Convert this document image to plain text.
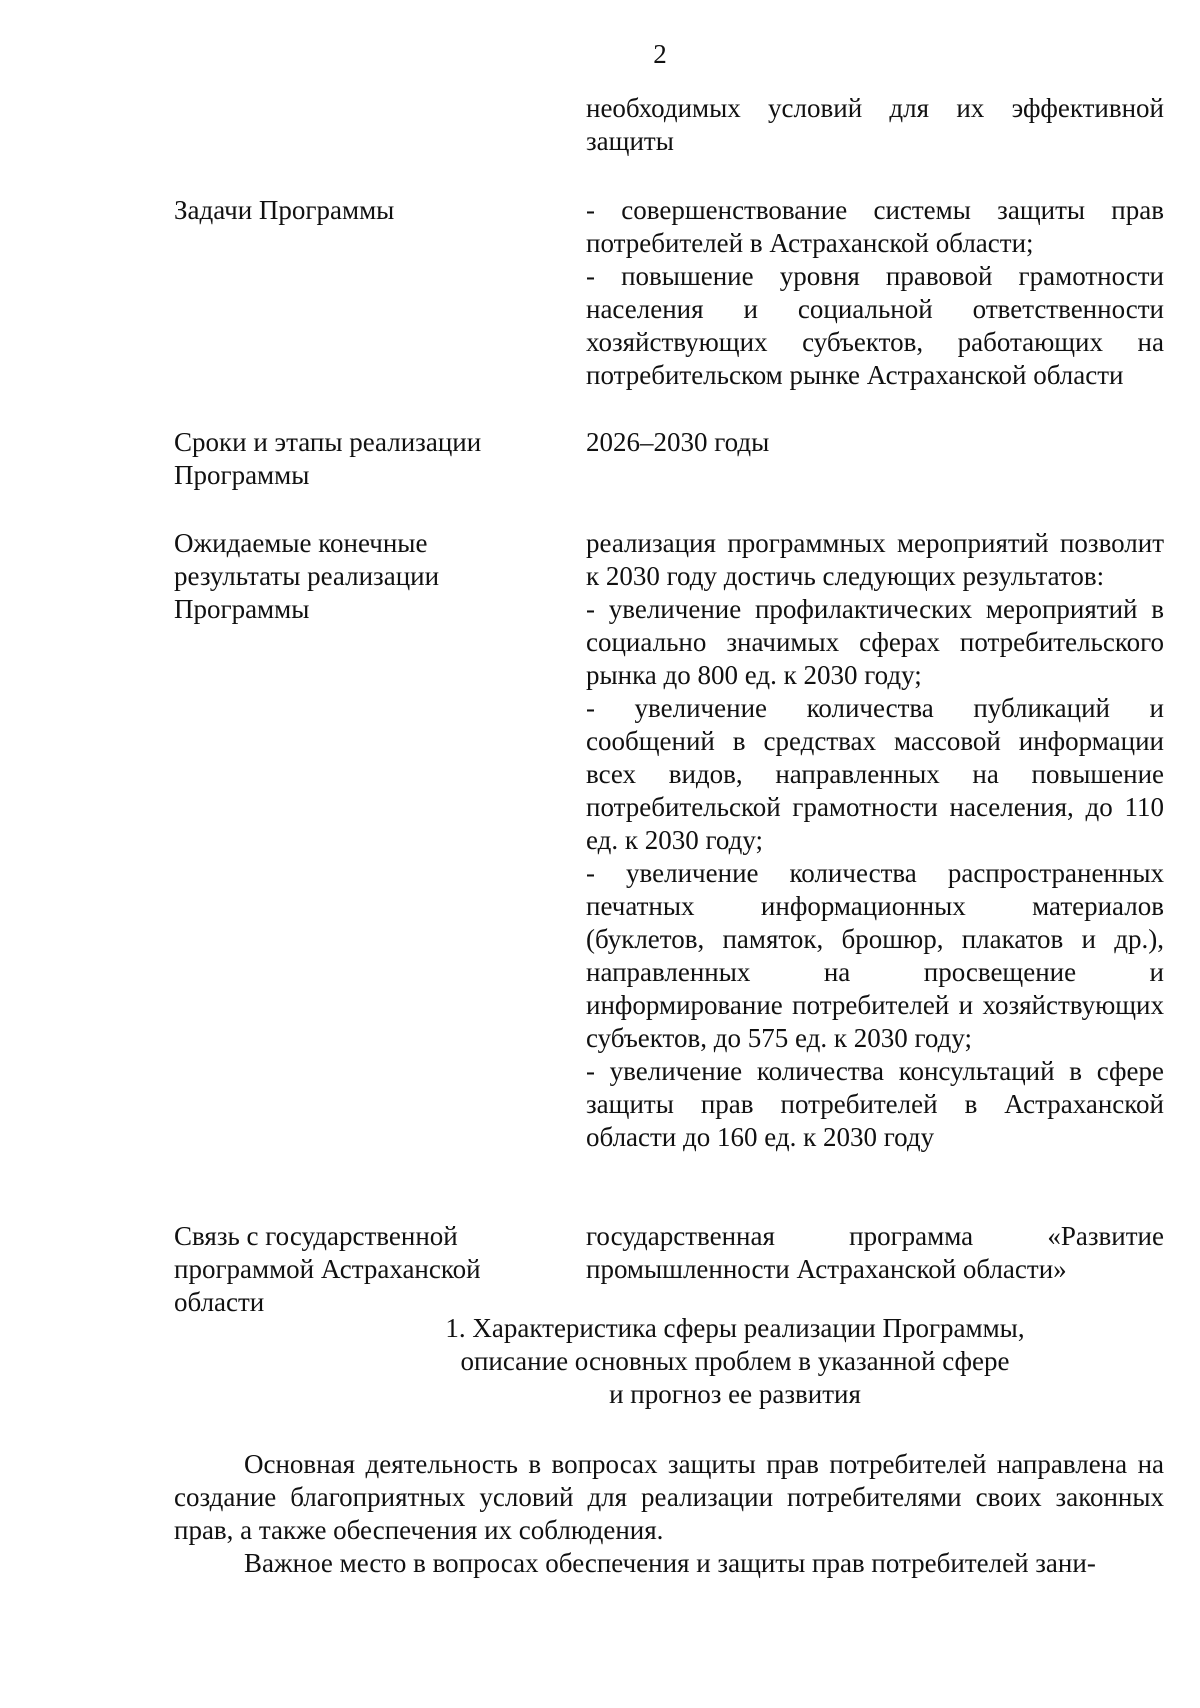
2

необходимых условий для их эффективной защиты

Задачи Программы	- совершенствование системы защиты прав потребителей в Астраханской области;

- повышение уровня правовой грамотности населения и социальной ответственности хозяйствующих субъектов, работающих на потребительском рынке Астраханской области

Сроки и этапы реализации Программы

2026–2030 годы

Ожидаемые конечные результаты реализации Программы

реализация программных мероприятий позволит к 2030 году достичь следующих результатов:

- увеличение профилактических мероприятий в социально значимых сферах потребительского рынка до 800 ед. к 2030 году;

- увеличение количества публикаций и сообщений в средствах массовой информации всех видов, направленных на повышение потребительской грамотности населения, до 110 ед. к 2030 году;

- увеличение количества распространенных печатных информационных материалов (буклетов, памяток, брошюр, плакатов и др.), направленных на просвещение и информирование потребителей и хозяйствующих субъектов, до 575 ед. к 2030 году;

- увеличение количества консультаций в сфере защиты прав потребителей в Астраханской области до 160 ед. к 2030 году

Связь с государственной программой Астраханской области

государственная программа «Развитие промышленности Астраханской области»

1. Характеристика сферы реализации Программы,

описание основных проблем в указанной сфере

и прогноз ее развития

Основная деятельность в вопросах защиты прав потребителей направлена на создание благоприятных условий для реализации потребителями своих законных прав, а также обеспечения их соблюдения.

Важное место в вопросах обеспечения и защиты прав потребителей зани-
